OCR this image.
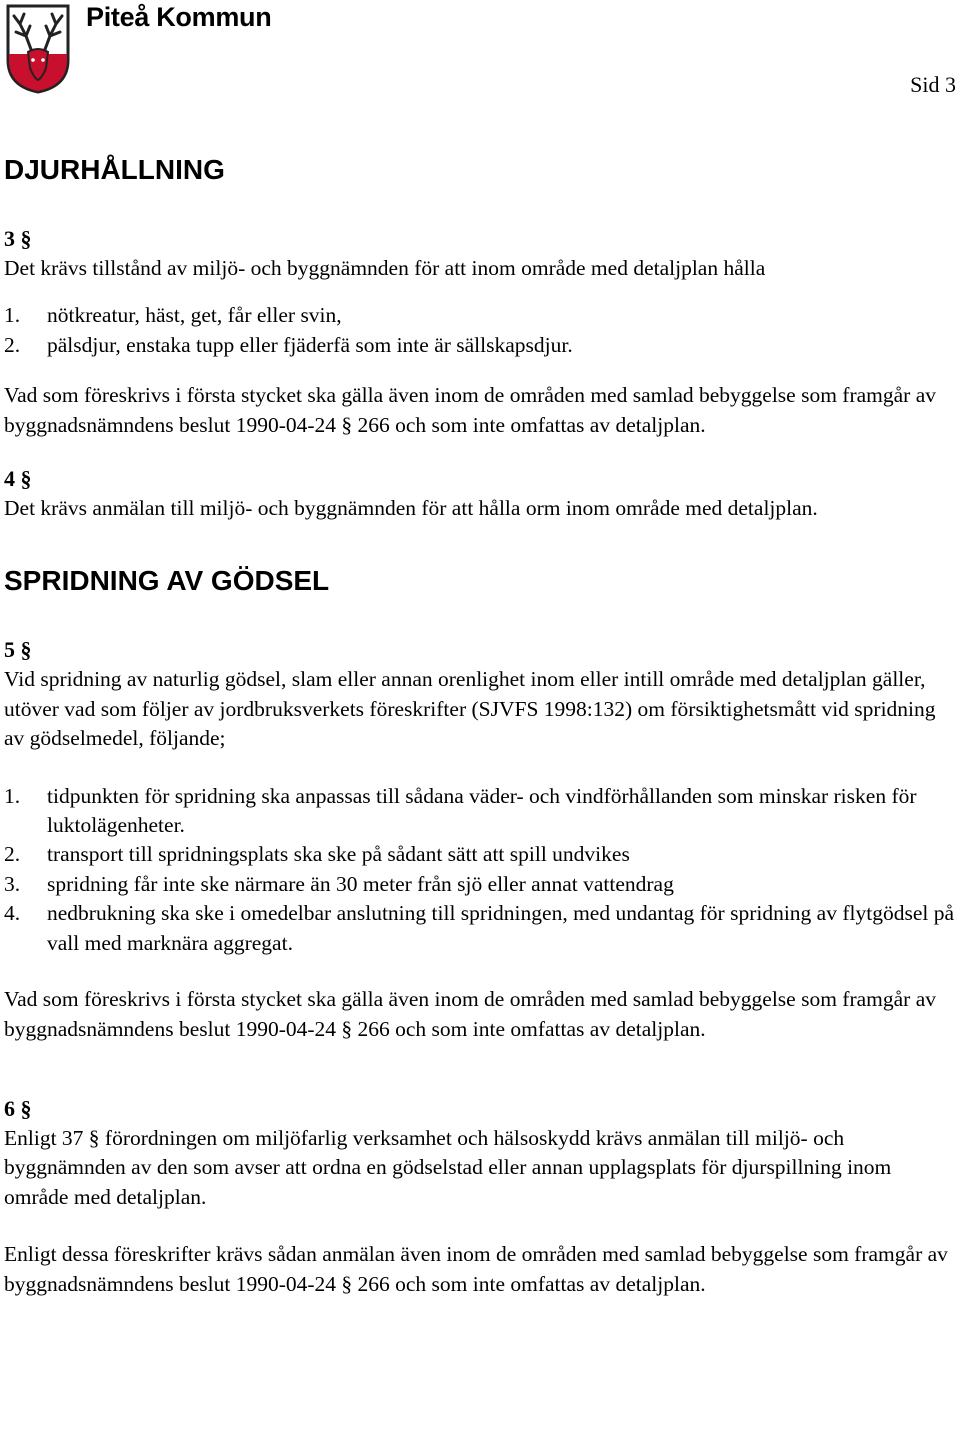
Piteå Kommun
Sid 3
DJURHÅLLNING
3 §

Det krävs tillstånd av miljö- och byggnämnden för att inom område med detaljplan hålla

1. nötkreatur, häst, get, får eller svin,
2. pälsdjur, enstaka tupp eller fjäderfä som inte är sällskapsdjur.

Vad som föreskrivs i första stycket ska gälla även inom de områden med samlad bebyggelse som framgår av byggnadsnämndens beslut 1990-04-24 § 266 och som inte omfattas av detaljplan.

4 §

Det krävs anmälan till miljö- och byggnämnden för att hålla orm inom område med detaljplan.

SPRIDNING AV GÖDSEL
5 §

Vid spridning av naturlig gödsel, slam eller annan orenlighet inom eller intill område med detaljplan gäller, utöver vad som följer av jordbruksverkets föreskrifter (SJVFS 1998:132) om försiktighetsmått vid spridning av gödselmedel, följande;

1. tidpunkten för spridning ska anpassas till sådana väder- och vindförhållanden som minskar risken för luktolägenheter.
2. transport till spridningsplats ska ske på sådant sätt att spill undvikes
3. spridning får inte ske närmare än 30 meter från sjö eller annat vattendrag
4. nedbrukning ska ske i omedelbar anslutning till spridningen, med undantag för spridning av flytgödsel på vall med marknära aggregat.

Vad som föreskrivs i första stycket ska gälla även inom de områden med samlad bebyggelse som framgår av byggnadsnämndens beslut 1990-04-24 § 266 och som inte omfattas av detaljplan.

6 §

Enligt 37 § förordningen om miljöfarlig verksamhet och hälsoskydd krävs anmälan till miljö- och byggnämnden av den som avser att ordna en gödselstad eller annan upplagsplats för djurspillning inom område med detaljplan.

Enligt dessa föreskrifter krävs sådan anmälan även inom de områden med samlad bebyggelse som framgår av byggnadsnämndens beslut 1990-04-24 § 266 och som inte omfattas av detaljplan.
